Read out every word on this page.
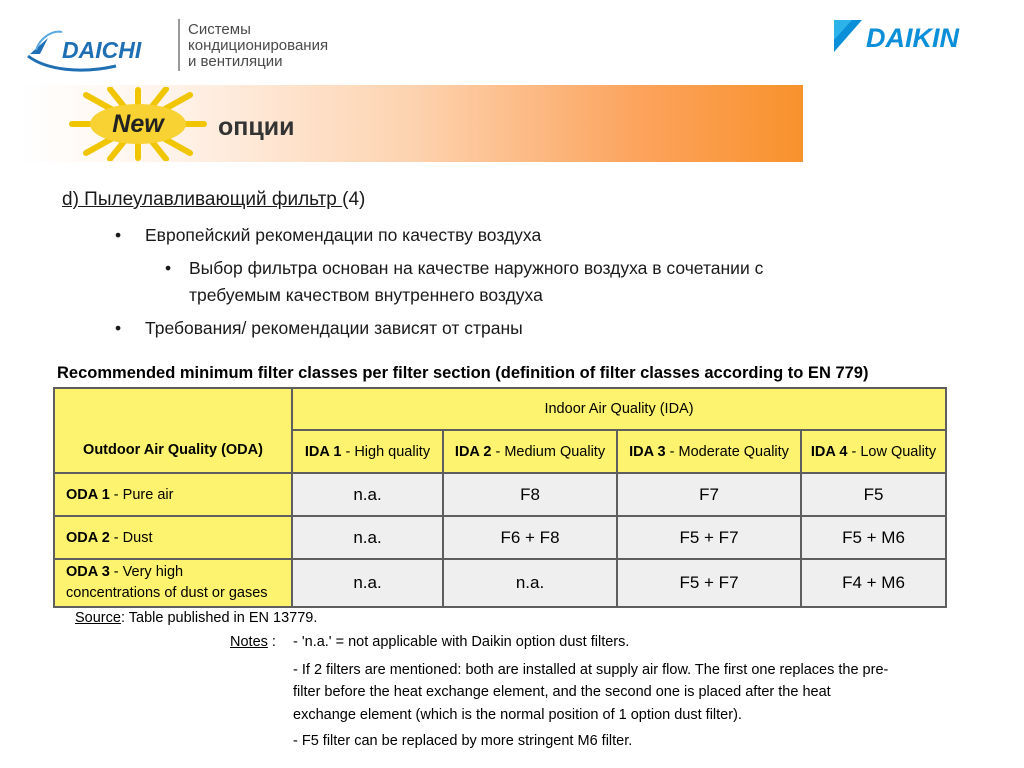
DAICHI
Системы
кондиционирования
и вентиляции
DAIKIN
New опции
d) Пылеулавливающий фильтр (4)
• Европейский рекомендации по качеству воздуха
• Выбор фильтра основан на качестве наружного воздуха в сочетании с
требуемым качеством внутреннего воздуха
• Требования/ рекомендации зависят от страны
Recommended minimum filter classes per filter section (definition of filter classes according to EN 779)
Outdoor Air Quality (ODA)	Indoor Air Quality (IDA)			
	IDA 1 - High quality	IDA 2 - Medium Quality	IDA 3 - Moderate Quality	IDA 4 - Low Quality
ODA 1 - Pure air	n.a.	F8	F7	F5
ODA 2 - Dust	n.a.	F6 + F8	F5 + F7	F5 + M6
ODA 3 - Very high
concentrations of dust or gases	n.a.	n.a.	F5 + F7	F4 + M6
Source: Table published in EN 13779.
Notes : - 'n.a.' = not applicable with Daikin option dust filters.
- If 2 filters are mentioned: both are installed at supply air flow. The first one replaces the pre-
filter before the heat exchange element, and the second one is placed after the heat
exchange element (which is the normal position of 1 option dust filter).
- F5 filter can be replaced by more stringent M6 filter.
